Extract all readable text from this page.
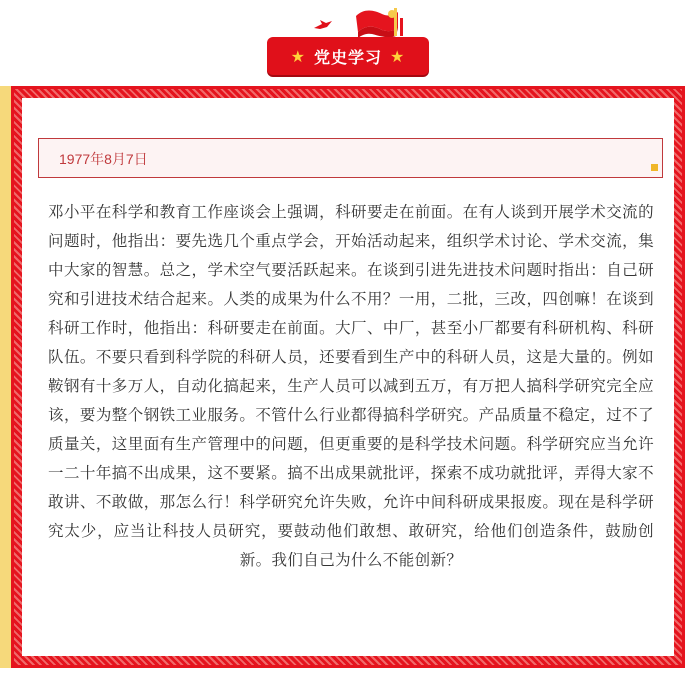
★ 党史学习 ★
1977年8月7日

邓小平在科学和教育工作座谈会上强调，科研要走在前面。在有人谈到开展学术交流的问题时，他指出：要先选几个重点学会，开始活动起来，组织学术讨论、学术交流，集中大家的智慧。总之，学术空气要活跃起来。在谈到引进先进技术问题时指出：自己研究和引进技术结合起来。人类的成果为什么不用？一用，二批，三改，四创嘛！在谈到科研工作时，他指出：科研要走在前面。大厂、中厂，甚至小厂都要有科研机构、科研队伍。不要只看到科学院的科研人员，还要看到生产中的科研人员，这是大量的。例如鞍钢有十多万人，自动化搞起来，生产人员可以减到五万，有万把人搞科学研究完全应该，要为整个钢铁工业服务。不管什么行业都得搞科学研究。产品质量不稳定，过不了质量关，这里面有生产管理中的问题，但更重要的是科学技术问题。科学研究应当允许一二十年搞不出成果，这不要紧。搞不出成果就批评，探索不成功就批评，弄得大家不敢讲、不敢做，那怎么行！科学研究允许失败，允许中间科研成果报废。现在是科学研究太少，应当让科技人员研究，要鼓动他们敢想、敢研究，给他们创造条件，鼓励创新。我们自己为什么不能创新？
